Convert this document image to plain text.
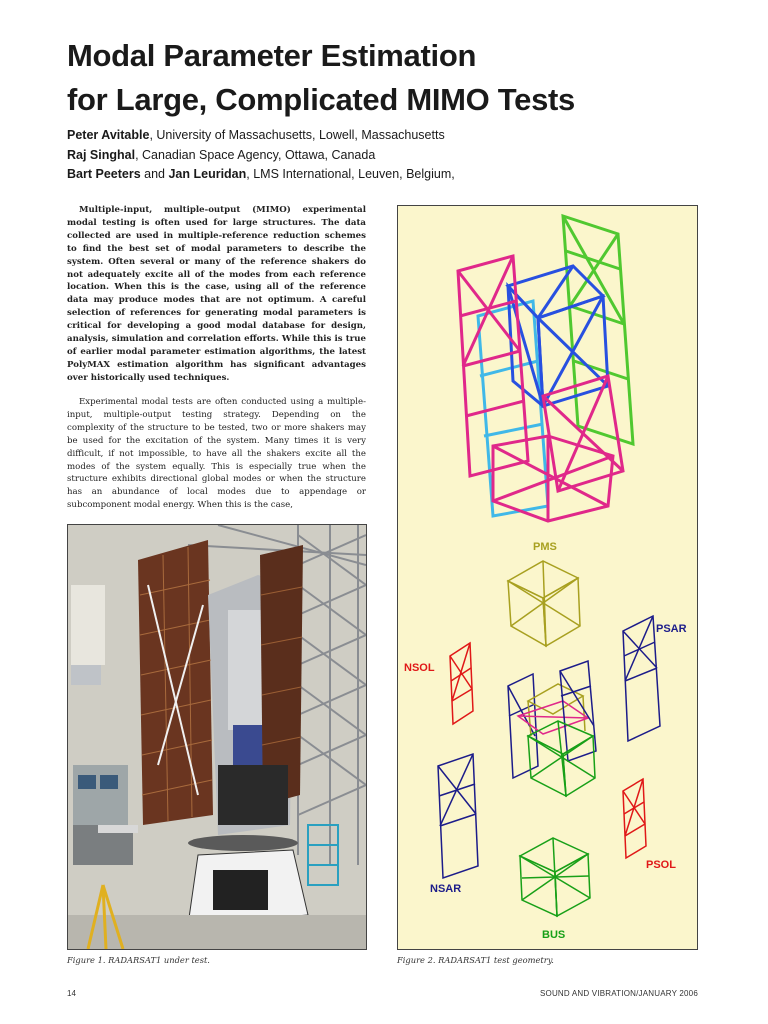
Modal Parameter Estimation
for Large, Complicated MIMO Tests
Peter Avitable, University of Massachusetts, Lowell, Massachusetts
Raj Singhal, Canadian Space Agency, Ottawa, Canada
Bart Peeters and Jan Leuridan, LMS International, Leuven, Belgium,

Multiple-input, multiple-output (MIMO) experimental modal testing is often used for large structures. The data collected are used in multiple-reference reduction schemes to find the best set of modal parameters to describe the system. Often several or many of the reference shakers do not adequately excite all of the modes from each reference location. When this is the case, using all of the reference data may produce modes that are not optimum. A careful selection of references for generating modal parameters is critical for developing a good modal database for design, analysis, simulation and correlation efforts. While this is true of earlier modal parameter estimation algorithms, the latest PolyMAX estimation algorithm has significant advantages over historically used techniques.

Experimental modal tests are often conducted using a multiple-input, multiple-output testing strategy. Depending on the complexity of the structure to be tested, two or more shakers may be used for the excitation of the system. Many times it is very difficult, if not impossible, to have all the shakers excite all the modes of the system equally. This is especially true when the structure exhibits directional global modes or when the structure has an abundance of local modes due to appendage or subcomponent modal energy. When this is the case,

Figure 1. RADARSAT1 under test.
PMS
PSAR
NSOL
NSAR
PSOL
BUS
Figure 2. RADARSAT1 test geometry.
14	SOUND AND VIBRATION/JANUARY 2006
